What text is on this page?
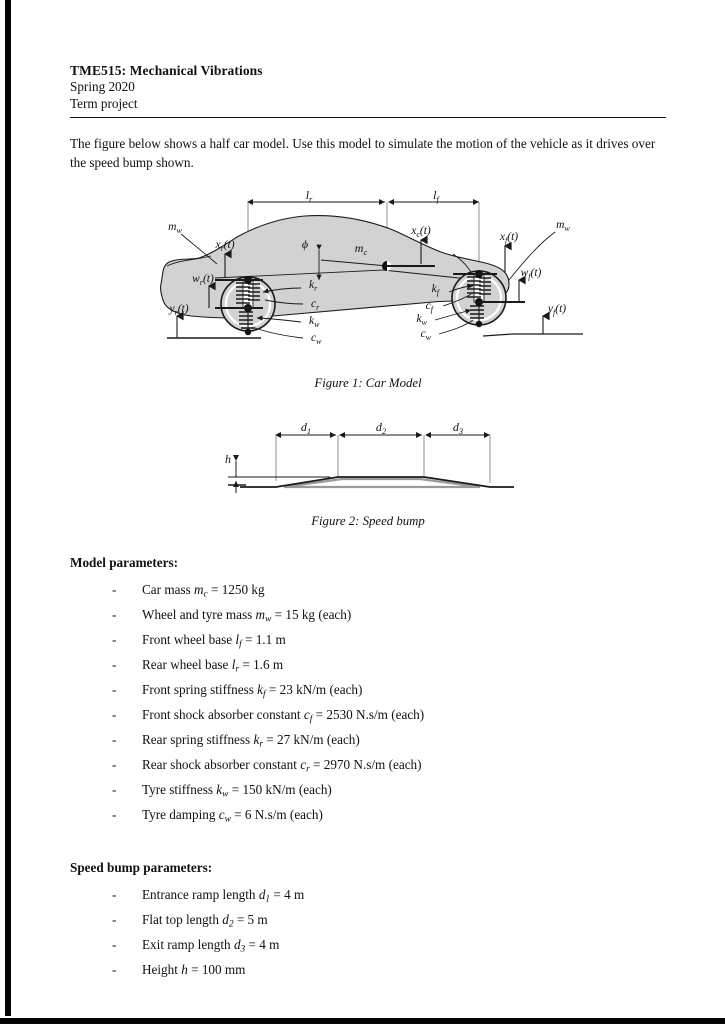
TME515: Mechanical Vibrations
Spring 2020
Term project

The figure below shows a half car model. Use this model to simulate the motion of the vehicle as it drives over the speed bump shown.

$l_r$	$l_f$
ϕ	$m_c$
$x_c(t)$
$x_r(t)$
$x_f(t)$
$w_r(t)$	$w_f(t)$
$y_r(t)$	$y_f(t)$
$m_w$	$m_w$
$k_r$
$c_r$
$k_f$
$c_f$
$k_w$
$c_w$
$k_w$
$c_w$
Figure 1: Car Model
$d_1$	$d_2$	$d_3$
h
Figure 2: Speed bump
Model parameters:
- Car mass $m_c = 1250$ kg
- Wheel and tyre mass $m_w = 15$ kg (each)
- Front wheel base $l_f = 1.1$ m
- Rear wheel base $l_r = 1.6$ m
- Front spring stiffness $k_f = 23$ kN/m (each)
- Front shock absorber constant $c_f = 2530$ N.s/m (each)
- Rear spring stiffness $k_r = 27$ kN/m (each)
- Rear shock absorber constant $c_r = 2970$ N.s/m (each)
- Tyre stiffness $k_w = 150$ kN/m (each)
- Tyre damping $c_w = 6$ N.s/m (each)
Speed bump parameters:
- Entrance ramp length $d_1 = 4$ m
- Flat top length $d_2 = 5$ m
- Exit ramp length $d_3 = 4$ m
- Height h = 100 mm
